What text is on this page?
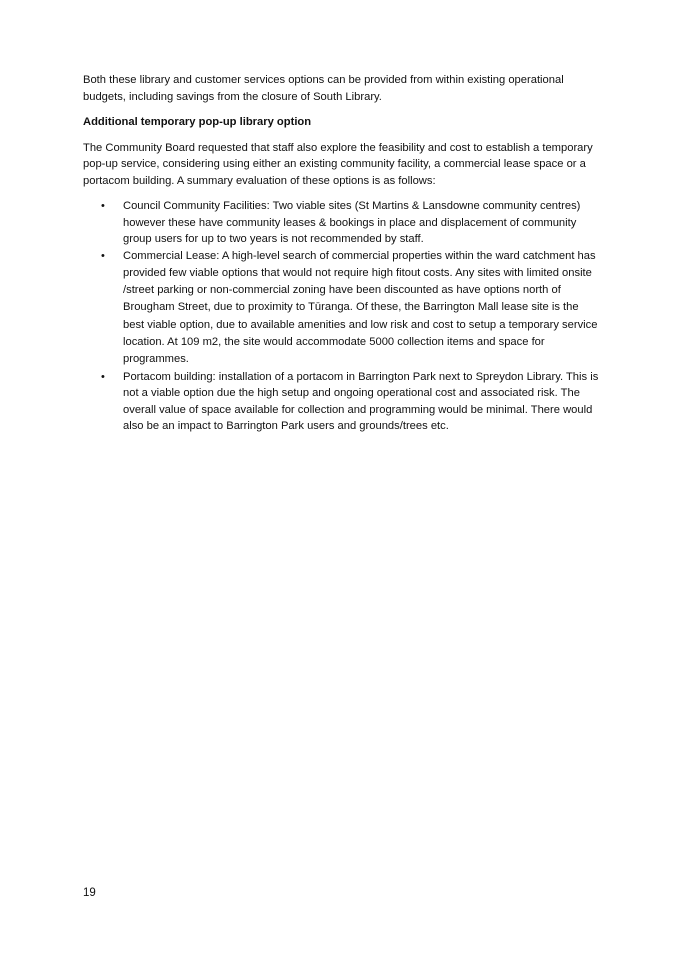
Both these library and customer services options can be provided from within existing operational budgets, including savings from the closure of South Library.

Additional temporary pop-up library option

The Community Board requested that staff also explore the feasibility and cost to establish a temporary pop-up service, considering using either an existing community facility, a commercial lease space or a portacom building. A summary evaluation of these options is as follows:

• Council Community Facilities: Two viable sites (St Martins & Lansdowne community centres) however these have community leases & bookings in place and displacement of community group users for up to two years is not recommended by staff.
• Commercial Lease: A high-level search of commercial properties within the ward catchment has provided few viable options that would not require high fitout costs. Any sites with limited onsite /street parking or non-commercial zoning have been discounted as have options north of Brougham Street, due to proximity to Tūranga. Of these, the Barrington Mall lease site is the best viable option, due to available amenities and low risk and cost to setup a temporary service location. At 109 m2, the site would accommodate 5000 collection items and space for programmes.
• Portacom building: installation of a portacom in Barrington Park next to Spreydon Library. This is not a viable option due the high setup and ongoing operational cost and associated risk. The overall value of space available for collection and programming would be minimal. There would also be an impact to Barrington Park users and grounds/trees etc.
19
